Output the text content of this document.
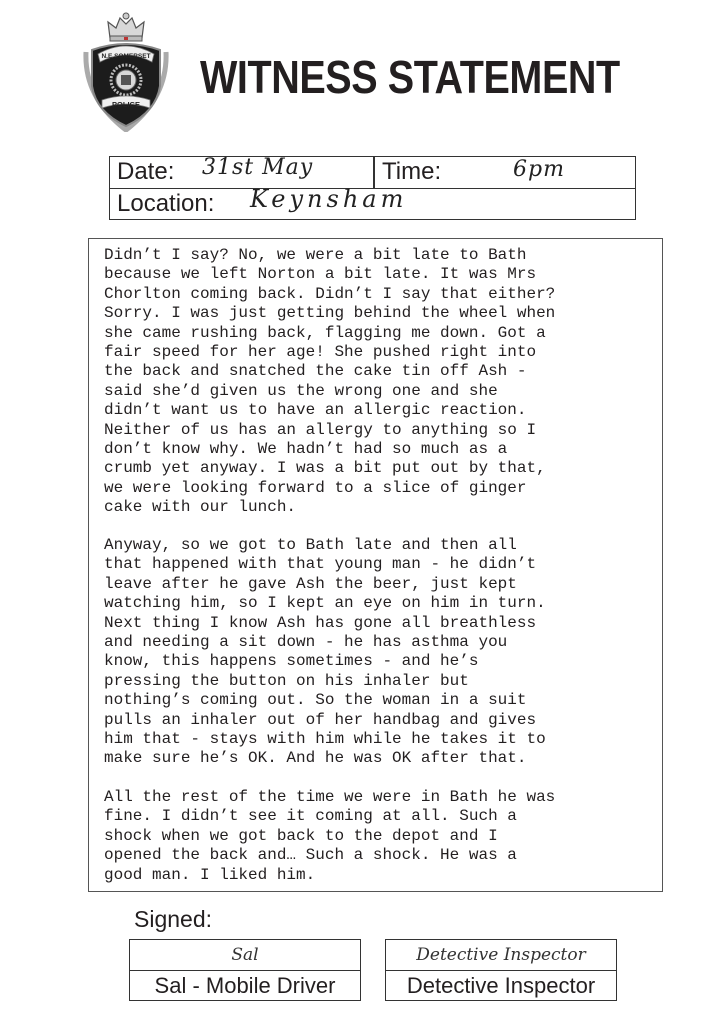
N.E SOMERSET
POLICE
WITNESS STATEMENT
Date: 31st May	Time:	6pm
Location: Keynsham

Didn’t I say? No, we were a bit late to Bath
because we left Norton a bit late. It was Mrs
Chorlton coming back. Didn’t I say that either?
Sorry. I was just getting behind the wheel when
she came rushing back, flagging me down. Got a
fair speed for her age! She pushed right into
the back and snatched the cake tin off Ash -
said she’d given us the wrong one and she
didn’t want us to have an allergic reaction.
Neither of us has an allergy to anything so I
don’t know why. We hadn’t had so much as a
crumb yet anyway. I was a bit put out by that,
we were looking forward to a slice of ginger
cake with our lunch.

Anyway, so we got to Bath late and then all
that happened with that young man - he didn’t
leave after he gave Ash the beer, just kept
watching him, so I kept an eye on him in turn.
Next thing I know Ash has gone all breathless
and needing a sit down - he has asthma you
know, this happens sometimes - and he’s
pressing the button on his inhaler but
nothing’s coming out. So the woman in a suit
pulls an inhaler out of her handbag and gives
him that - stays with him while he takes it to
make sure he’s OK. And he was OK after that.

All the rest of the time we were in Bath he was
fine. I didn’t see it coming at all. Such a
shock when we got back to the depot and I
opened the back and… Such a shock. He was a
good man. I liked him.

Signed:
Sal
Sal - Mobile Driver
Detective Inspector
Detective Inspector
